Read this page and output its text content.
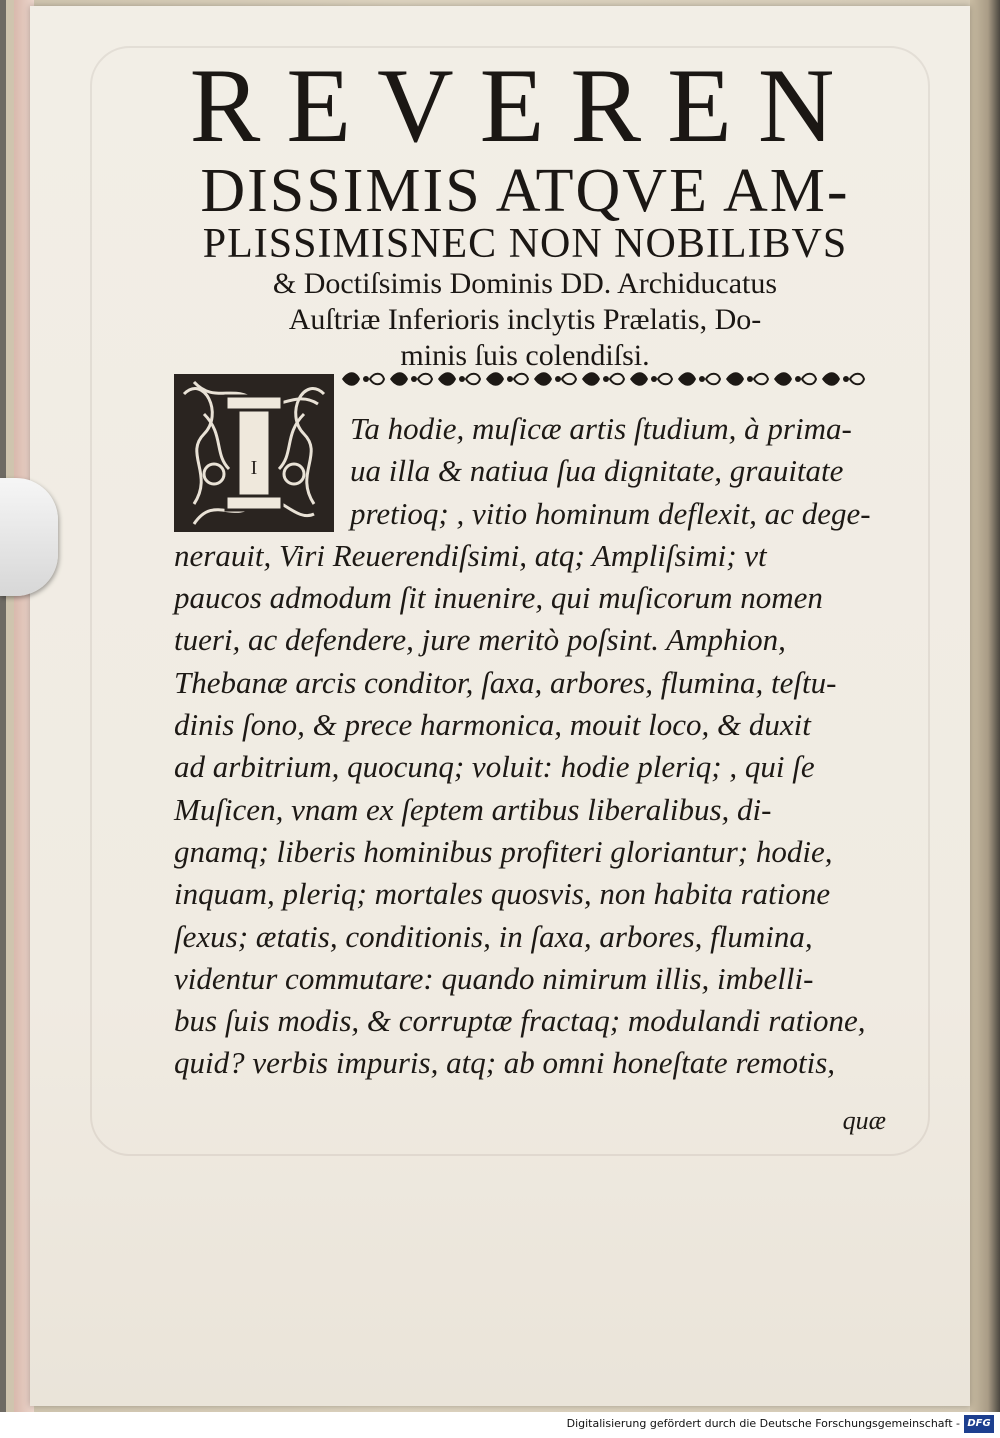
REVEREN
DISSIMIS ATQVE AM-
PLISSIMISNEC NON NOBILIBVS
& Doctiſsimis Dominis DD. Archiducatus
Auſtriæ Inferioris inclytis Prælatis, Do-
minis ſuis colendiſsi.
I
Ta hodie, muſicæ artis ſtudium, à prima-
ua illa & natiua ſua dignitate, grauitate
pretioq; , vitio hominum deflexit, ac dege-
nerauit, Viri Reuerendiſsimi, atq; Ampliſsimi; vt
paucos admodum ſit inuenire, qui muſicorum nomen
tueri, ac defendere, jure meritò poſsint. Amphion,
Thebanæ arcis conditor, ſaxa, arbores, flumina, teſtu-
dinis ſono, & prece harmonica, mouit loco, & duxit
ad arbitrium, quocunq; voluit: hodie pleriq; , qui ſe
Muſicen, vnam ex ſeptem artibus liberalibus, di-
gnamq; liberis hominibus profiteri gloriantur; hodie,
inquam, pleriq; mortales quosvis, non habita ratione
ſexus; ætatis, conditionis, in ſaxa, arbores, flumina,
videntur commutare: quando nimirum illis, imbelli-
bus ſuis modis, & corruptæ fractaq; modulandi ratione,
quid? verbis impuris, atq; ab omni honeſtate remotis,
quæ
Digitalisierung gefördert durch die Deutsche Forschungsgemeinschaft - DFG
